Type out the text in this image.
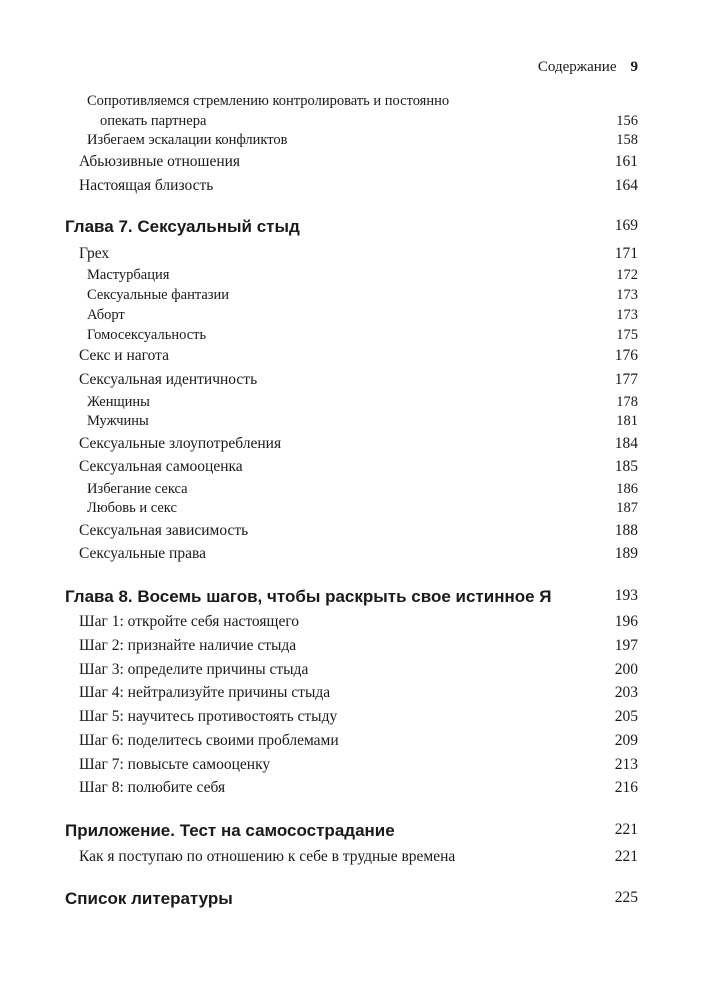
Содержание 9
Сопротивляемся стремлению контролировать и постоянно
опекать партнера	156
Избегаем эскалации конфликтов	158
Абьюзивные отношения	161
Настоящая близость	164
Глава 7. Сексуальный стыд	169
Грех	171
Мастурбация	172
Сексуальные фантазии	173
Аборт	173
Гомосексуальность	175
Секс и нагота	176
Сексуальная идентичность	177
Женщины	178
Мужчины	181
Сексуальные злоупотребления	184
Сексуальная самооценка	185
Избегание секса	186
Любовь и секс	187
Сексуальная зависимость	188
Сексуальные права	189
Глава 8. Восемь шагов, чтобы раскрыть свое истинное Я	193
Шаг 1: откройте себя настоящего	196
Шаг 2: признайте наличие стыда	197
Шаг 3: определите причины стыда	200
Шаг 4: нейтрализуйте причины стыда	203
Шаг 5: научитесь противостоять стыду	205
Шаг 6: поделитесь своими проблемами	209
Шаг 7: повысьте самооценку	213
Шаг 8: полюбите себя	216
Приложение. Тест на самосострадание	221
Как я поступаю по отношению к себе в трудные времена	221
Список литературы	225
